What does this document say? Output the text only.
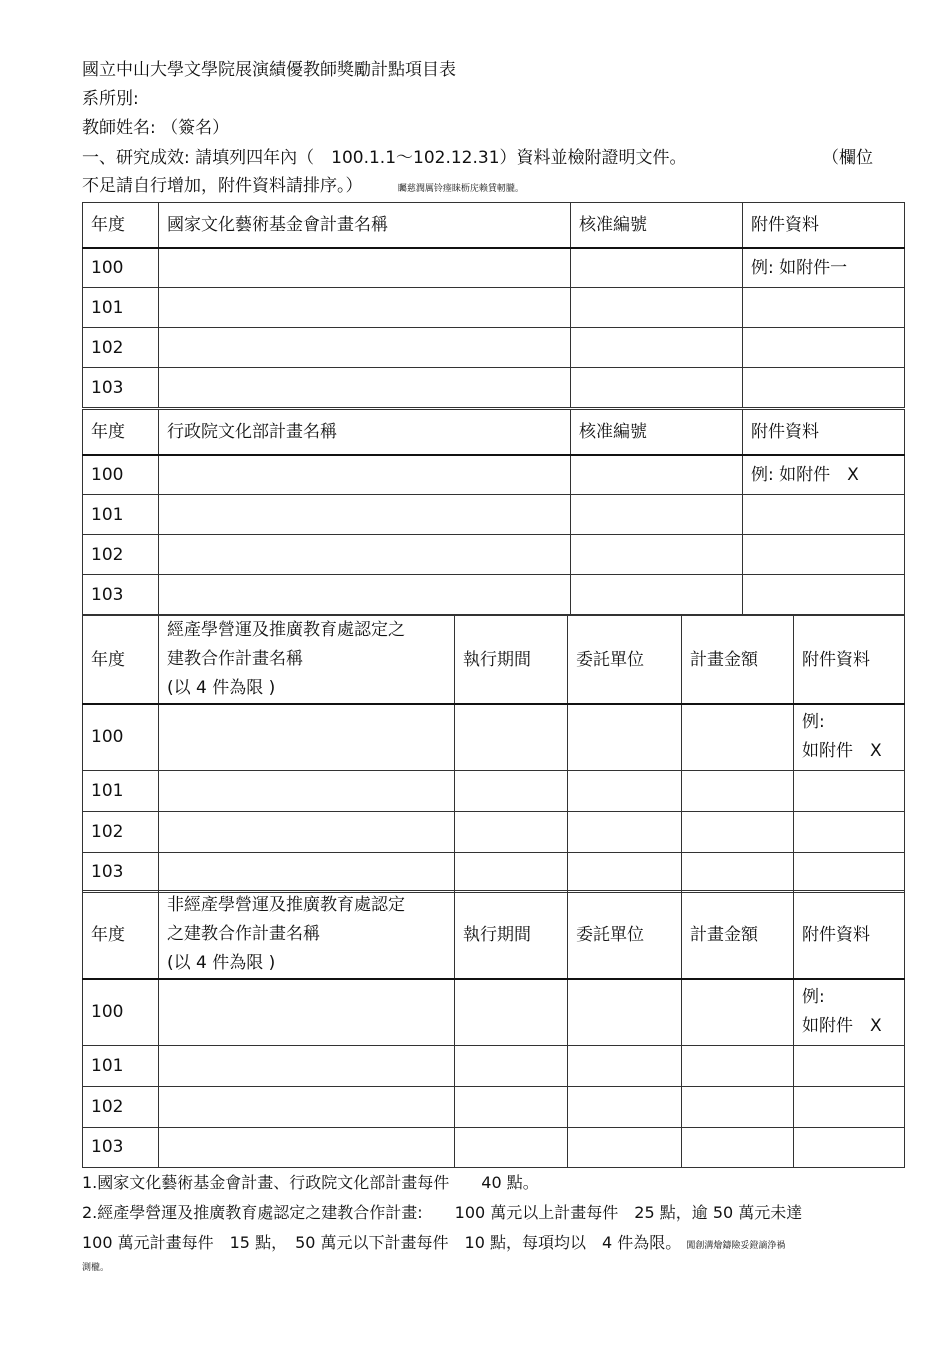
國立中山大學文學院展演績優教師獎勵計點項目表
系所別:
教師姓名: （簽名）
一、研究成效: 請填列四年內（　100.1.1～102.12.31）資料並檢附證明文件。	（欄位
不足請自行增加，附件資料請排序。）	矚慈潤厲铃瘗睐枥庑赖賃軔朧。
年度	國家文化藝術基金會計畫名稱	核准編號	附件資料
100			例: 如附件一
101			
102			
103			
年度	行政院文化部計畫名稱	核准編號	附件資料
100			例: 如附件　X
101			
102			
103			
年度	經產學營運及推廣教育處認定之
建教合作計畫名稱
(以 4 件為限 )	執行期間	委託單位	計畫金額	附件資料
100					例:
如附件　X

101					
102					
103					
年度	非經產學營運及推廣教育處認定
之建教合作計畫名稱
(以 4 件為限 )	執行期間	委託單位	計畫金額	附件資料
100					例:
如附件　X

101					
102					
103					
1.國家文化藝術基金會計畫、行政院文化部計畫每件　　40 點。
2.經產學營運及推廣教育處認定之建教合作計畫:　　100 萬元以上計畫每件　25 點，逾 50 萬元未達
100 萬元計畫每件　15 點，　50 萬元以下計畫每件　10 點，每項均以　4 件為限。 闖創溝燴鑄險妥鐙謫浄禍
測櫳。
